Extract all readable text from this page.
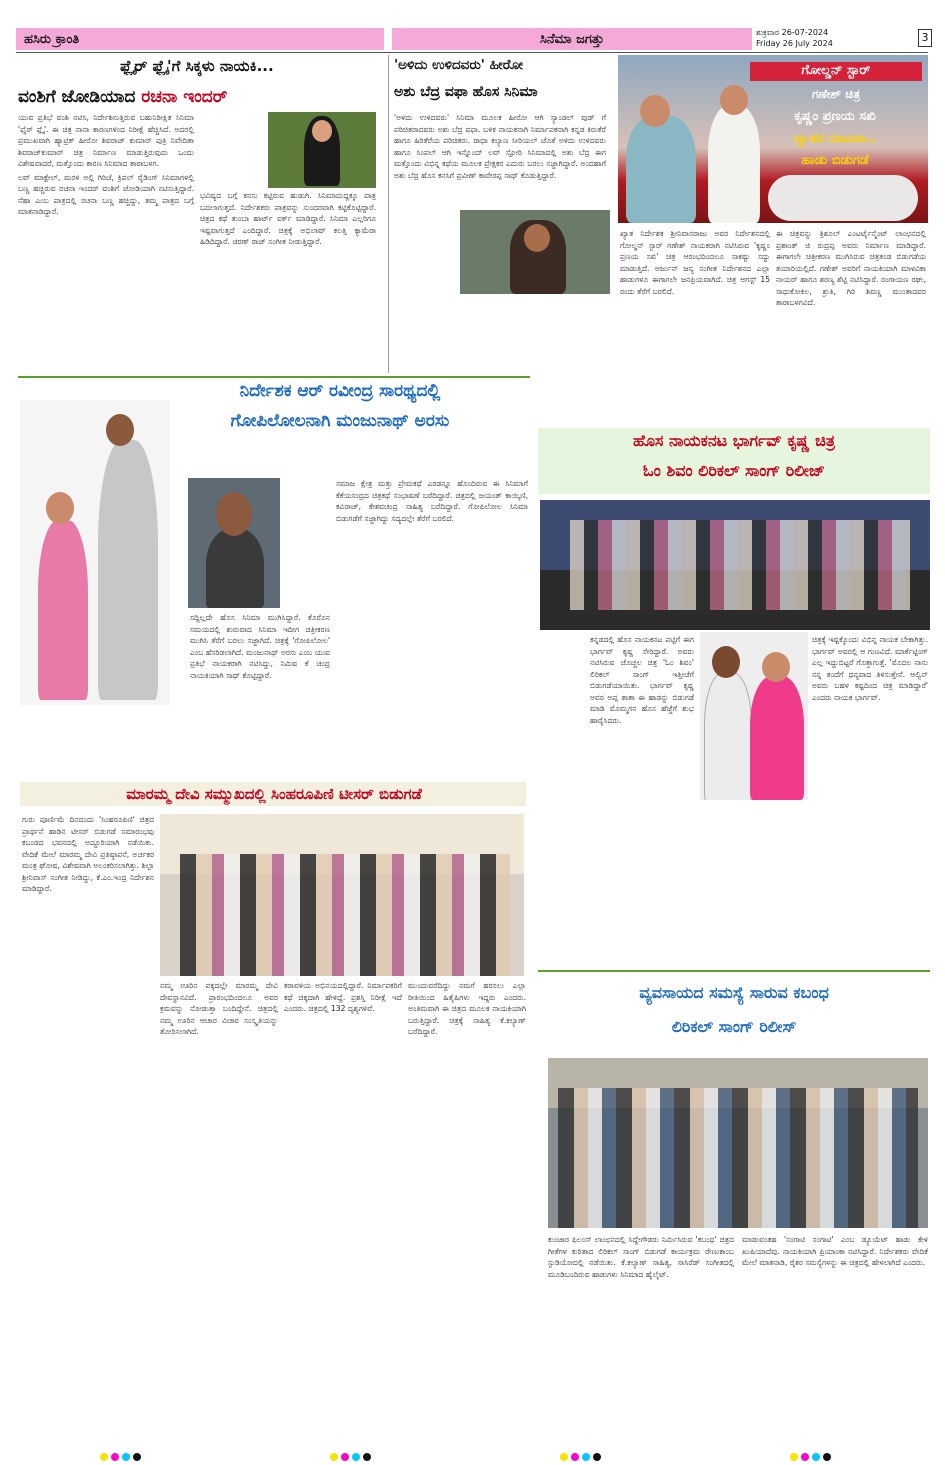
ಹಸಿರು ಕ್ರಾಂತಿ	ಸಿನೆಮಾ ಜಗತ್ತು	ಶುಕ್ರವಾರ 26-07-2024
Friday 26 July 2024	3
ಫ್ಲೈರ್ ಫ್ಲೈ'ಗೆ ಸಿಕ್ಕಳು ನಾಯಕಿ...
ವಂಶಿಗೆ ಜೋಡಿಯಾದ ರಚನಾ ಇಂದರ್

ಯುವ ಪ್ರತಿಭೆ ವಂಶಿ ನಟಿಸಿ, ನಿರ್ದೇಶಿಸುತ್ತಿರುವ ಬಹುನಿರೀಕ್ಷಿತ ಸಿನಿಮಾ 'ಫೈರ್ ಫ್ಲೈ'. ಈ ಚಿತ್ರ ನಾನಾ ಕಾರಣಗಳಿಂದ ನಿರೀಕ್ಷೆ ಹೆಚ್ಚಿಸಿದೆ. ಅದರಲ್ಲಿ ಪ್ರಮುಖವಾಗಿ ಹ್ಯಾಟ್ರಿಕ್ ಹೀರೋ ಶಿವರಾಜ್ ಕುಮಾರ್ ಪುತ್ರಿ ನಿವೇದಿತಾ ಶಿವರಾಜ್‌ಕುಮಾರ್ ಚಿತ್ರ ನಿರ್ಮಾಣ ಮಾಡುತ್ತಿರುವುದು ಒಂದು ವಿಶೇಷವಾದರೆ, ಮತ್ತೊಂದು ಕಾರಣ ಸಿನಿಮಾದ ತಾರಾಬಳಗ.

ಲವ್ ಮಾಕ್ಟೇಲ್, ಮರಳಿ ಅಲ್ಲಿ ಗಿರಿಜೆ, ಕ್ರಿಪಲ್ ರೈಡಿಂಗ್ ಸಿನಿಮಾಗಳಲ್ಲಿ ಬಣ್ಣ ಹಚ್ಚಿರುವ ರಚನಾ ಇಂದರ್ ವಂಶಿಗೆ ಜೋಡಿಯಾಗಿ ನಟಿಸುತ್ತಿದ್ದಾರೆ. ನೆಹಾ ಎಂಬ ಪಾತ್ರದಲ್ಲಿ ರಚನಾ ಬಣ್ಣ ಹಚ್ಚಿದ್ದು, ತಮ್ಮ ಪಾತ್ರದ ಬಗ್ಗೆ ಮಾತನಾಡಿದ್ದಾರೆ.

ಭವಿಷ್ಯದ ಬಗ್ಗೆ ಕನಸು ಕಟ್ಟಿರುವ ಹುಡುಗಿ. ಸಿನಿಮಾದುದ್ದಕ್ಕೂ ಪಾತ್ರ ಬದಲಾಗುತ್ತದೆ. ನಿರ್ದೇಶಕರು ಪಾತ್ರವನ್ನು ಸುಂದರವಾಗಿ ಕಟ್ಟಿಕೊಟ್ಟಿದ್ದಾರೆ. ಚಿತ್ರದ ಕಥೆ ತುಂಬಾ ಹಾರ್ಟ್ ವರ್ಕ್ ಮಾಡಿದ್ದಾರೆ. ಸಿನಿಮಾ ಎಲ್ಲರಿಗೂ ಇಷ್ಟವಾಗುತ್ತದೆ ಎಂದಿದ್ದಾರೆ. ಚಿತ್ರಕ್ಕೆ ಅಭಿಲಾಷ್ ಕಲತ್ತಿ ಕ್ಯಾಮೆರಾ ಹಿಡಿದಿದ್ದಾರೆ. ಚರಣ್ ರಾಜ್ ಸಂಗೀತ ನೀಡುತ್ತಿದ್ದಾರೆ.
'ಅಳಿದು ಉಳಿದವರು' ಹೀರೋ
ಅಶು ಬೆದ್ರ ವಫಾ ಹೊಸ ಸಿನಿಮಾ
'ಅಳಿದು ಉಳಿದವರು' ಸಿನಿಮಾ ಮೂಲಕ ಹೀರೋ ಆಗಿ ಸ್ಯಾಂಡಲ್ ವುಡ್ ಗೆ ಪರಿಚಿತರಾದವರು ಅಶು ಬೆದ್ರ ವಫಾ. ಬಳಿಕ ನಾಯಕನಾಗಿ ನಿರ್ಮಾಪಕನಾಗಿ ಕನ್ನಡ ಕಿರುತೆರೆ ಹಾಗೂ ಹಿರಿತೆರೆಯ ಪರಿಚಿತರು. ರಾಧಾ ಕಲ್ಯಾಣ ಸೀರಿಯಲ್ ಜೊತೆ ಅಳಿದು ಉಳಿದವರು ಹಾಗೂ ಸಿಂಪಲ್ ಆಗಿ ಇನ್ನೊಂದ್ ಲವ್ ಸ್ಟೋರಿ ಸಿನಿಮಾದಲ್ಲಿ ಅಶು ಬೆದ್ರ ಈಗ ಮತ್ತೊಂದು ವಿಭಿನ್ನ ಕಥೆಯ ಮೂಲಕ ಪ್ರೇಕ್ಷಕರ ಎದುರು ಬರಲು ಸಜ್ಜಾಗಿದ್ದಾರೆ. ಅಂದಹಾಗೆ ಅಶು ಬೆದ್ರ ಹೊಸ ಕನಸಿಗೆ ಪ್ರವೀಣ್ ಕಾವೇರಪ್ಪ ಸಾಥ್ ಕೊಡುತ್ತಿದ್ದಾರೆ.
ಗೋಲ್ಡನ್ ಸ್ಟಾರ್
ಗಣೇಶ್ ಚಿತ್ರ
ಕೃಷ್ಣಂ ಪ್ರಣಯ ಸಖಿ
ದ್ವಾಪರ ದಾಟುತಾ..
ಹಾಡು ಬಿಡುಗಡೆ
ಖ್ಯಾತ ನಿರ್ದೇಶಕ ಶ್ರೀನಿವಾಸರಾಜು ಅವರ ನಿರ್ದೇಶನದಲ್ಲಿ ಗೋಲ್ಡನ್ ಸ್ಟಾರ್ ಗಣೇಶ್ ನಾಯಕರಾಗಿ ನಟಿಸಿರುವ 'ಕೃಷ್ಣಂ ಪ್ರಣಯ ಸಖಿ' ಚಿತ್ರ ಆರಂಭದಿಂದಲೂ ಸಾಕಷ್ಟು ಸದ್ದು ಮಾಡುತ್ತಿದೆ. ಅರ್ಜುನ್ ಜನ್ಯ ಸಂಗೀತ ನಿರ್ದೇಶನದ ಎಲ್ಲಾ ಹಾಡುಗಳೂ ಈಗಾಗಲೇ ಜನಪ್ರಿಯವಾಗಿದೆ. ಚಿತ್ರ ಆಗಸ್ಟ್ 15 ರಂದು ತೆರೆಗೆ ಬರಲಿದೆ.
ಈ ಚಿತ್ರವನ್ನು ತ್ರಿಶೂಲ್ ಎಂಟರ್ಟೈನ್ಮೆಂಟ್ ಲಾಂಛನದಲ್ಲಿ ಪ್ರಶಾಂತ್ ಜಿ ರುದ್ರಪ್ಪ ಅವರು ನಿರ್ಮಾಣ ಮಾಡಿದ್ದಾರೆ. ಈಗಾಗಲೇ ಚಿತ್ರೀಕರಣ ಮುಗಿಸಿರುವ ಚಿತ್ರತಂಡ ಬಿಡುಗಡೆಯ ತಯಾರಿಯಲ್ಲಿದೆ. ಗಣೇಶ್ ಅವರಿಗೆ ನಾಯಕಿಯಾಗಿ ಮಾಳವಿಕಾ ನಾಯರ್ ಹಾಗೂ ಶರಣ್ಯ ಶೆಟ್ಟಿ ನಟಿಸಿದ್ದಾರೆ. ರಂಗಾಯಣ ರಘು, ಸಾಧುಕೋಕಿಲ, ಶ್ರುತಿ, ಗಿರಿ ಶಿವಣ್ಣ ಮುಂತಾದವರ ತಾರಾಬಳಗವಿದೆ.
ನಿರ್ದೇಶಕ ಆರ್ ರವೀಂದ್ರ ಸಾರಥ್ಯದಲ್ಲಿ
ಗೋಪಿಲೋಲನಾಗಿ ಮಂಜುನಾಥ್ ಅರಸು
ಸದ್ದಿಲ್ಲದೇ ಹೊಸ ಸಿನಿಮಾ ಮುಗಿಸಿದ್ದಾರೆ. ಕೊರೊನ ಸಮಯದಲ್ಲಿ ಶುರುವಾದ ಸಿನಿಮಾ ಇದೀಗ ಚಿತ್ರೀಕರಣ ಮುಗಿಸಿ ತೆರೆಗೆ ಬರಲು ಸಜ್ಜಾಗಿದೆ. ಚಿತ್ರಕ್ಕೆ 'ಗೋಪಿಲೋಲ' ಎಂಬ ಹೆಸರಿಡಲಾಗಿದೆ. ಮಂಜುನಾಥ್ ಅರಸು ಎಂಬ ಯುವ ಪ್ರತಿಭೆ ನಾಯಕರಾಗಿ ನಟಿಸಿದ್ದು, ನಿಮಿಷ ಕೆ ಚಂದ್ರ ನಾಯಕಿಯಾಗಿ ಸಾಥ್ ಕೊಟ್ಟಿದ್ದಾರೆ.
ಸಮಾಜ ಕ್ಷೇತ್ರ ಮತ್ತು ಪ್ರೇಮಕಥೆ ಎರಡನ್ನೂ ಹೊಂದಿರುವ ಈ ಸಿನಿಮಾಗೆ ಕೆಕೆಯಸಂದ್ರದ ಚಿತ್ರಕಥೆ ಸಂಭಾಷಣೆ ಬರೆದಿದ್ದಾರೆ. ಚಿತ್ರದಲ್ಲಿ ಜಯಂತ್ ಕಾಯ್ಕಿಣಿ, ಕವಿರಾಜ್, ಕೇಶವಚಂದ್ರ ಸಾಹಿತ್ಯ ಬರೆದಿದ್ದಾರೆ. ಗೋಪಿಲೋಲ ಸಿನಿಮಾ ಬಿಡುಗಡೆಗೆ ಸಜ್ಜಾಗಿದ್ದು ಸದ್ಯದಲ್ಲೇ ತೆರೆಗೆ ಬರಲಿದೆ.
ಹೊಸ ನಾಯಕನಟ ಭಾರ್ಗವ್ ಕೃಷ್ಣ ಚಿತ್ರ
ಓಂ ಶಿವಂ ಲಿರಿಕಲ್ ಸಾಂಗ್ ರಿಲೀಜ್
ಕನ್ನಡದಲ್ಲಿ ಹೊಸ ನಾಯಕನಟ ಪಟ್ಟಿಗೆ ಈಗ ಭಾರ್ಗವ್ ಕೃಷ್ಣ ಸೇರಿದ್ದಾರೆ. ಅವರು ನಟಿಸಿರುವ ಚೊಚ್ಚಲ ಚಿತ್ರ 'ಓಂ ಶಿವಂ' ಲಿರಿಕಲ್ ಸಾಂಗ್ ಇತ್ತೀಚೆಗೆ ಬಿಡುಗಡೆಯಾಯಿತು. ಭಾರ್ಗವ್ ಕೃಷ್ಣ ಅವರ ಅಪ್ಪ ತಾತಾ ಈ ಹಾಡನ್ನು ಬಿಡುಗಡೆ ಮಾಡಿ ಮೊಮ್ಮಗನ ಹೊಸ ಹೆಜ್ಜೆಗೆ ಶುಭ ಹಾರೈಸಿದರು.
ಚಿತ್ರಕ್ಕೆ ಇಷ್ಟಕ್ಕೊಂದು ವಿಭಿನ್ನ ನಾಯಕ ಬೇಕಾಗಿತ್ತು. ಭಾರ್ಗವ್ ಅವರಲ್ಲಿ ಆ ಗುಣವಿದೆ. ಮಾರ್ಕೆಟ್ಟಿಂಗ್ ಎಲ್ಲ ಇದ್ದುಬಿಟ್ಟರೆ ಗೊತ್ತಾಗುತ್ತೆ. 'ಮೊದಲ ನಾನು ನನ್ನ ತಂದೆಗೆ ಧನ್ಯವಾದ ತಿಳಿಸುತ್ತೇನೆ. ಆಲ್ವಿನ್ ಅವರು ಬಹಳ ಕಷ್ಟದಿಂದ ಚಿತ್ರ ಮಾಡಿದ್ದಾರೆ' ಎಂದರು ನಾಯಕ ಭಾರ್ಗವ್.
ಮಾರಮ್ಮ ದೇವಿ ಸಮ್ಮುಖದಲ್ಲಿ ಸಿಂಹರೂಪಿಣಿ ಟೀಸರ್ ಬಿಡುಗಡೆ
ಗುರು ಪೂರ್ಣಿಮೆ ದಿನದಂದು 'ಸಿಂಹರೂಪಿಣಿ' ಚಿತ್ರದ ಪ್ರಾರ್ಥನೆ ಹಾಡಿನ ಟೀಸರ್ ಬಿಡುಗಡೆ ಸಮಾರಂಭವು ಕಬಂಡದ ಭವನದಲ್ಲಿ ಅದ್ದೂರಿಯಾಗಿ ನಡೆಯಿತು. ವೇದಿಕೆ ಮೇಲೆ ಮಾರಮ್ಮ ದೇವಿ ಪ್ರತಿಷ್ಠಾಪನೆ, ಅರ್ಚಕರ ಮಂತ್ರ ಘೋಷ, ವಿಶೇಷವಾಗಿ ಅಲಂಕರಿಸಲಾಗಿತ್ತು. ಶಿಲ್ಪಾ ಶ್ರೀನಿವಾಸ್ ಸಂಗೀತ ನೀಡಿದ್ದು, ಕೆ.ಎಂ.ಇಂದ್ರ ನಿರ್ದೇಶನ ಮಾಡಿದ್ದಾರೆ.
ನಮ್ಮ ಊರಿನ ಪಕ್ಕದಲ್ಲೇ ಮಾರಮ್ಮ ದೇವಿ ದೇವಸ್ಥಾನವಿದೆ. ಪ್ರಾರಂಭದಿಂದಲೂ ಅವರ ಕ್ರಮವನ್ನು ನೋಡುತ್ತಾ ಬಂದಿದ್ದೇನೆ. ಚಿತ್ರದಲ್ಲಿ ನಮ್ಮ ಊರಿನ ಆಚಾರ ವಿಚಾರ ಸಂಸ್ಕೃತಿಯನ್ನು ತೋರಿಸಲಾಗಿದೆ.
ಕರಾವಳಿಯ ಅಭಿನಯದಲ್ಲಿದ್ದಾರೆ. ನಿರ್ಮಾಪಕರಿಗೆ ಕಥೆ ಚಿಕ್ಕದಾಗಿ ಹೇಳಿದ್ದೆ. ಪ್ರಶಸ್ತಿ ನಿರೀಕ್ಷೆ ಇದೆ ಎಂದರು. ಚಿತ್ರದಲ್ಲಿ 132 ದೃಶ್ಯಗಳಿವೆ.
ಮುಂದುವರೆದಿದ್ದು ನಮಗೆ ಹರಸಲು ಎಲ್ಲಾ ರೀತಿಯಿಂದ ಹಿತೈಷಿಗಳು ಇದ್ದರು ಎಂದರು. ಅಂತಿಮವಾಗಿ ಈ ಚಿತ್ರದ ಮೂಲಕ ನಾಯಕಿಯಾಗಿ ಬರುತ್ತಿದ್ದಾರೆ. ಚಿತ್ರಕ್ಕೆ ಸಾಹಿತ್ಯ ಕೆ.ಕಲ್ಯಾಣ್ ಬರೆದಿದ್ದಾರೆ.
ವ್ಯವಸಾಯದ ಸಮಸ್ಯೆ ಸಾರುವ ಕಬಂಧ
ಲಿರಿಕಲ್ ಸಾಂಗ್ ರಿಲೀಸ್
ಕುಂಜಾರ ಫಿಲಂಸ್ ಲಾಂಛನದಲ್ಲಿ ಸಿದ್ದೇಗೌಡರು ನಿರ್ಮಿಸಿರುವ 'ಕಬಂಧ' ಚಿತ್ರದ ಗೀತೆಗಳ ಕುರಿತಾದ ಲಿರಿಕಲ್ ಸಾಂಗ್ ಬಿಡುಗಡೆ ಕಾರ್ಯಕ್ರಮ ರೇಣುಕಾಂಬ ಸ್ಟುಡಿಯೋದಲ್ಲಿ ನಡೆಯಿತು. ಕೆ.ಕಲ್ಯಾಣ್ ಸಾಹಿತ್ಯ, ಸಾಸಿರೆಡ್ ಸಂಗೀತದಲ್ಲಿ ಮೂಡಿಬಂದಿರುವ ಹಾಡುಗಳು ಸಿನಿಮಾದ ಹೈಲೈಟ್.
ಮಾಡುವಂತಹ 'ಸಂಗಾಟಿ ಸಂಗಾಟಿ' ಎಂಬ ಡ್ಯೂಯೆಟ್ ಹಾಡು ಕೇಳಿ ಖುಷಿಯಾದೆವು. ನಾಯಕಿಯಾಗಿ ಪ್ರಿಯಾಂಕಾ ನಟಿಸಿದ್ದಾರೆ. ನಿರ್ದೇಶಕರು ವೇದಿಕೆ ಮೇಲೆ ಮಾತನಾಡಿ, ರೈತರ ಸಮಸ್ಯೆಗಳನ್ನು ಈ ಚಿತ್ರದಲ್ಲಿ ಹೇಳಲಾಗಿದೆ ಎಂದರು.
